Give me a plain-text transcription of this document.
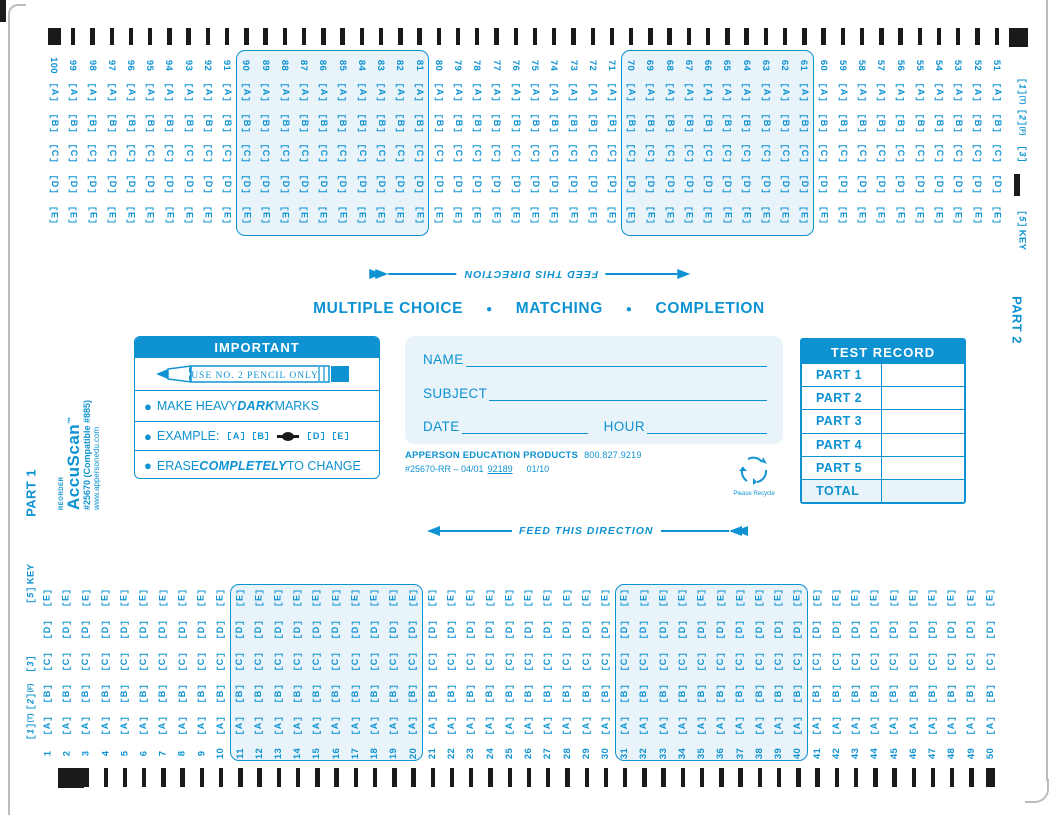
100
A
B
C
D
E
99
A
B
C
D
E
98
A
B
C
D
E
97
A
B
C
D
E
96
A
B
C
D
E
95
A
B
C
D
E
94
A
B
C
D
E
93
A
B
C
D
E
92
A
B
C
D
E
91
A
B
C
D
E
90
A
B
C
D
E
89
A
B
C
D
E
88
A
B
C
D
E
87
A
B
C
D
E
86
A
B
C
D
E
85
A
B
C
D
E
84
A
B
C
D
E
83
A
B
C
D
E
82
A
B
C
D
E
81
A
B
C
D
E
80
A
B
C
D
E
79
A
B
C
D
E
78
A
B
C
D
E
77
A
B
C
D
E
76
A
B
C
D
E
75
A
B
C
D
E
74
A
B
C
D
E
73
A
B
C
D
E
72
A
B
C
D
E
71
A
B
C
D
E
70
A
B
C
D
E
69
A
B
C
D
E
68
A
B
C
D
E
67
A
B
C
D
E
66
A
B
C
D
E
65
A
B
C
D
E
64
A
B
C
D
E
63
A
B
C
D
E
62
A
B
C
D
E
61
A
B
C
D
E
60
A
B
C
D
E
59
A
B
C
D
E
58
A
B
C
D
E
57
A
B
C
D
E
56
A
B
C
D
E
55
A
B
C
D
E
54
A
B
C
D
E
53
A
B
C
D
E
52
A
B
C
D
E
51
A
B
C
D
E
1
(T)
2
(F)
3
5
KEY
PART 2
FEED THIS DIRECTION
MULTIPLE CHOICE ● MATCHING ● COMPLETION
IMPORTANT
USE NO. 2 PENCIL ONLY
● MAKE HEAVY DARK MARKS
● EXAMPLE: A B	D E
● ERASE COMPLETELY TO CHANGE
NAME
SUBJECT
DATE	HOUR
APPERSON EDUCATION PRODUCTS 800.827.9219
#25670-RR – 04/01 92189 01/10
Please Recycle
TEST RECORD
PART 1
PART 2
PART 3
PART 4
PART 5
TOTAL
FEED THIS DIRECTION
E
D
C
B
A
1
E
D
C
B
A
2
E
D
C
B
A
3
E
D
C
B
A
4
E
D
C
B
A
5
E
D
C
B
A
6
E
D
C
B
A
7
E
D
C
B
A
8
E
D
C
B
A
9
E
D
C
B
A
10
E
D
C
B
A
11
E
D
C
B
A
12
E
D
C
B
A
13
E
D
C
B
A
14
E
D
C
B
A
15
E
D
C
B
A
16
E
D
C
B
A
17
E
D
C
B
A
18
E
D
C
B
A
19
E
D
C
B
A
20
E
D
C
B
A
21
E
D
C
B
A
22
E
D
C
B
A
23
E
D
C
B
A
24
E
D
C
B
A
25
E
D
C
B
A
26
E
D
C
B
A
27
E
D
C
B
A
28
E
D
C
B
A
29
E
D
C
B
A
30
E
D
C
B
A
31
E
D
C
B
A
32
E
D
C
B
A
33
E
D
C
B
A
34
E
D
C
B
A
35
E
D
C
B
A
36
E
D
C
B
A
37
E
D
C
B
A
38
E
D
C
B
A
39
E
D
C
B
A
40
E
D
C
B
A
41
E
D
C
B
A
42
E
D
C
B
A
43
E
D
C
B
A
44
E
D
C
B
A
45
E
D
C
B
A
46
E
D
C
B
A
47
E
D
C
B
A
48
E
D
C
B
A
49
E
D
C
B
A
50
1
(T)
2
(F)
3
5
KEY
PART 1	REORDER AccuScan™ #25670 (Compatible #885) www.appersonedu.com
